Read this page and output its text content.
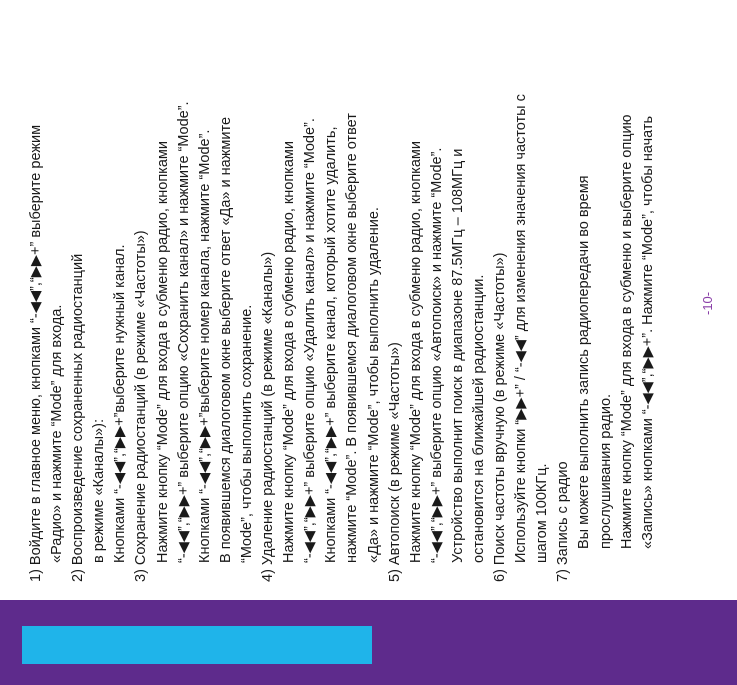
1) Войдите в главное меню, кнопками “-◀◀”,“▶▶+” выберите режим «Радио» и нажмите “Mode” для входа. 2) Воспроизведение сохраненных радиостанций в режиме «Каналы»): Кнопками “-◀◀”,“▶▶+”выберите нужный канал. 3) Сохранение радиостанций (в режиме «Частоты») Нажмите кнопку “Mode” для входа в субменю радио, кнопками “-◀◀”,“▶▶+” выберите опцию «Сохранить канал» и нажмите “Mode”. Кнопками “-◀◀”,“▶▶+”выберите номер канала, нажмите “Mode”. В появившемся диалоговом окне выберите ответ «Да» и нажмите “Mode”, чтобы выполнить сохранение. 4) Удаление радиостанций (в режиме «Каналы») Нажмите кнопку “Mode” для входа в субменю радио, кнопками “-◀◀”,“▶▶+” выберите опцию «Удалить канал» и нажмите “Mode”. Кнопками “-◀◀”,“▶▶+” выберите канал, который хотите удалить, нажмите “Mode”. В появившемся диалоговом окне выберите ответ «Да» и нажмите “Mode”, чтобы выполнить удаление. 5) Автопоиск (в режиме «Частоты») Нажмите кнопку “Mode” для входа в субменю радио, кнопками “-◀◀”,“▶▶+” выберите опцию «Автопоиск» и нажмите “Mode”. Устройство выполнит поиск в диапазоне 87.5МГц – 108МГц и остановится на ближайшей радиостанции. 6) Поиск частоты вручную (в режиме «Частоты») Используйте кнопки “▶▶+” / “-◀◀” для изменения значения частоты с шагом 100КГц. 7) Запись с радио Вы можете выполнить запись радиопередачи во время прослушивания радио. Нажмите кнопку “Mode” для входа в субменю и выберите опцию «Запись» кнопками “-◀◀”,“▶▶+”. Нажмите “Mode”, чтобы начать	-10-
